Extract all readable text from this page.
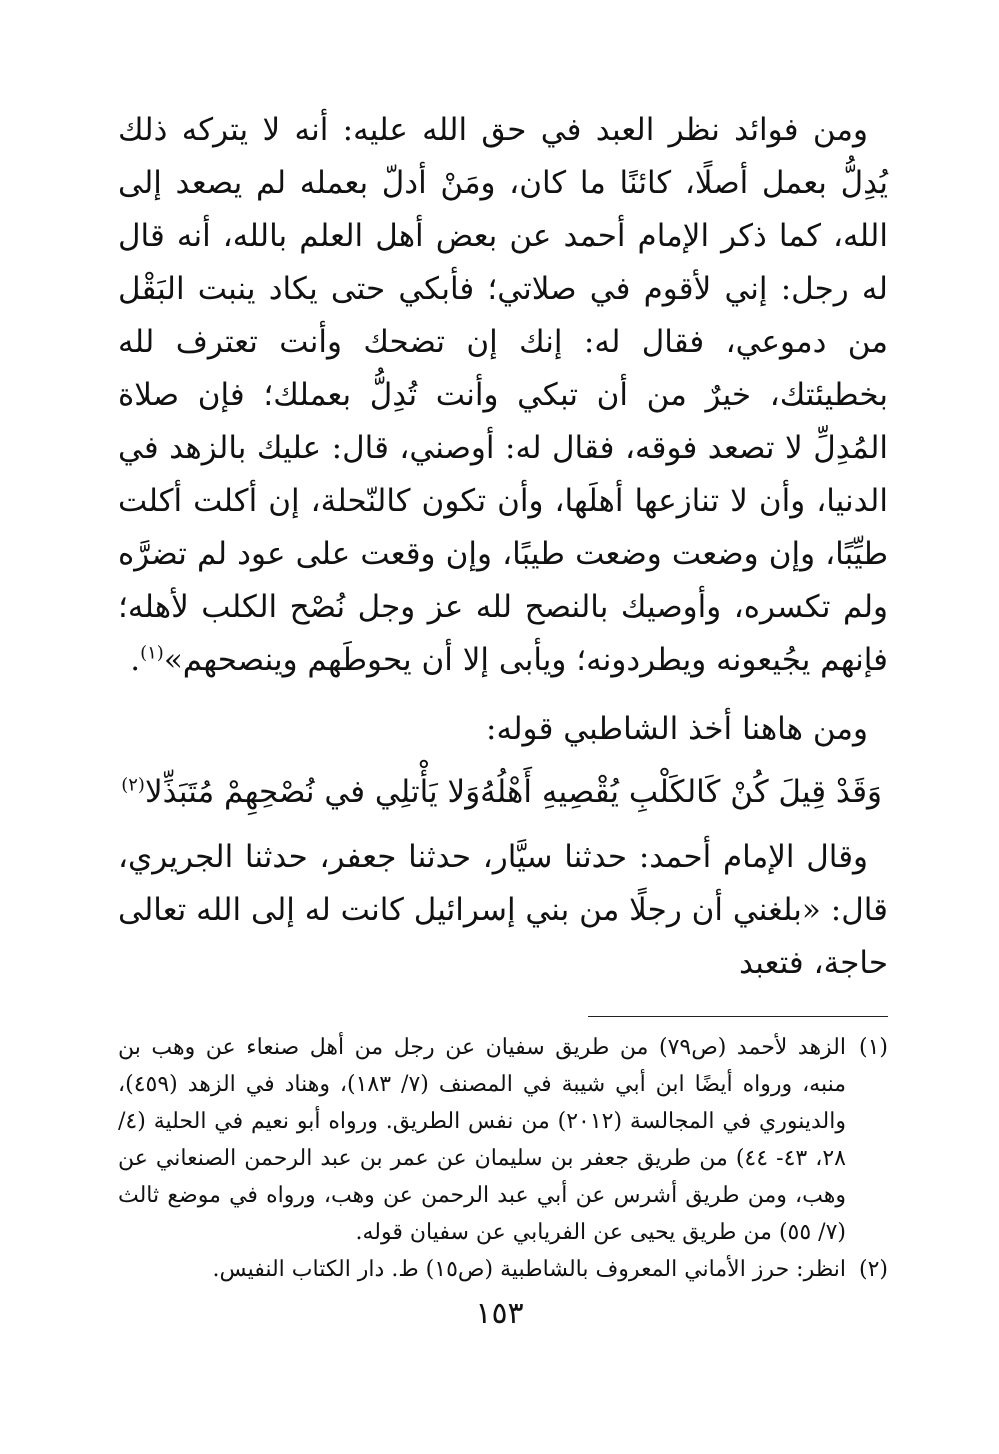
ومن فوائد نظر العبد في حق الله عليه: أنه لا يتركه ذلك يُدِلُّ بعمل أصلًا، كائنًا ما كان، ومَنْ أدلّ بعمله لم يصعد إلى الله، كما ذكر الإمام أحمد عن بعض أهل العلم بالله، أنه قال له رجل: إني لأقوم في صلاتي؛ فأبكي حتى يكاد ينبت البَقْل من دموعي، فقال له: إنك إن تضحك وأنت تعترف لله بخطيئتك، خيرٌ من أن تبكي وأنت تُدِلُّ بعملك؛ فإن صلاة المُدِلِّ لا تصعد فوقه، فقال له: أوصني، قال: عليك بالزهد في الدنيا، وأن لا تنازعها أهلَها، وأن تكون كالنّحلة، إن أكلت أكلت طيِّبًا، وإن وضعت وضعت طيبًا، وإن وقعت على عود لم تضرَّه ولم تكسره، وأوصيك بالنصح لله عز وجل نُصْح الكلب لأهله؛ فإنهم يجُيعونه ويطردونه؛ ويأبى إلا أن يحوطَهم وينصحهم»$^{(١)}$.

ومن هاهنا أخذ الشاطبي قوله:

وَقَدْ قِيلَ كُنْ كَالكَلْبِ يُقْصِيهِ أَهْلُهُ
وَلا يَأْتلِي في نُصْحِهِمْ مُتَبَذِّلا$^{(٢)}$

وقال الإمام أحمد: حدثنا سيَّار، حدثنا جعفر، حدثنا الجريري، قال: «بلغني أن رجلًا من بني إسرائيل كانت له إلى الله تعالى حاجة، فتعبد

(١)
الزهد لأحمد (ص٧٩) من طريق سفيان عن رجل من أهل صنعاء عن وهب بن منبه، ورواه أيضًا ابن أبي شيبة في المصنف (٧/ ١٨٣)، وهناد في الزهد (٤٥٩)، والدينوري في المجالسة (٢٠١٢) من نفس الطريق. ورواه أبو نعيم في الحلية (٤/ ٢٨، ٤٣- ٤٤) من طريق جعفر بن سليمان عن عمر بن عبد الرحمن الصنعاني عن وهب، ومن طريق أشرس عن أبي عبد الرحمن عن وهب، ورواه في موضع ثالث (٧/ ٥٥) من طريق يحيى عن الفريابي عن سفيان قوله.
(٢)
انظر: حرز الأماني المعروف بالشاطبية (ص١٥) ط. دار الكتاب النفيس.
١٥٣
